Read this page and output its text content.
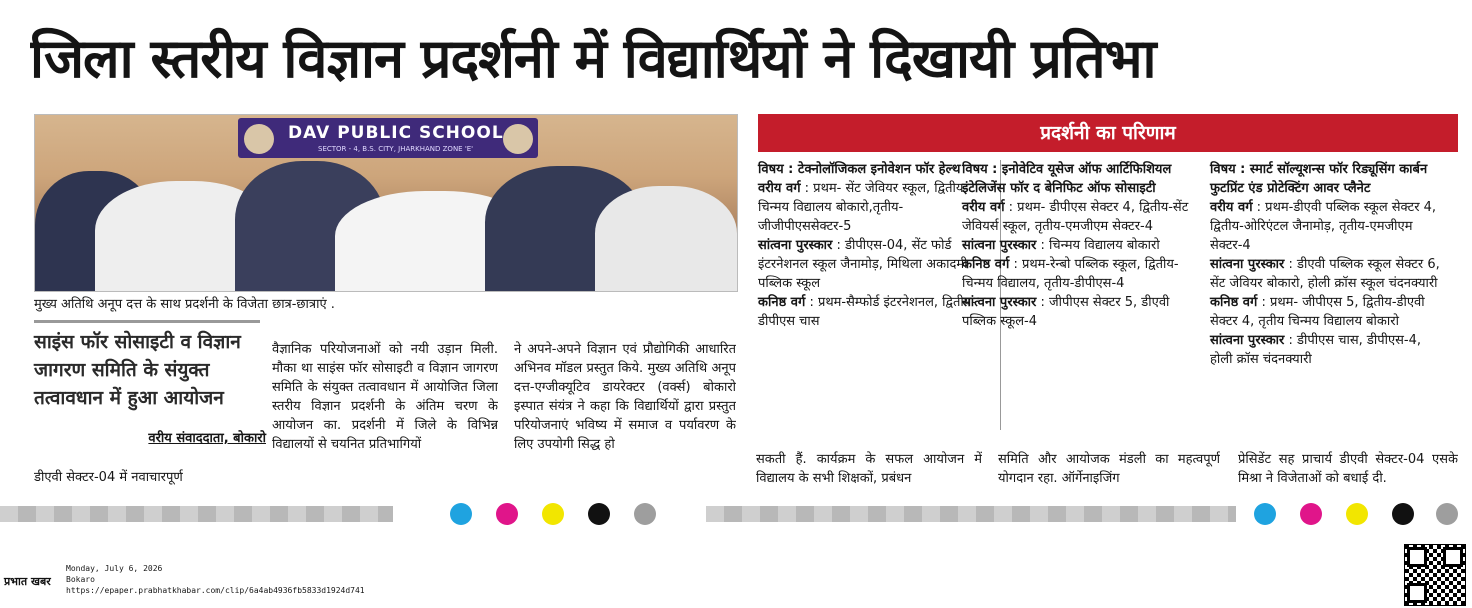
जिला स्तरीय विज्ञान प्रदर्शनी में विद्यार्थियों ने दिखायी प्रतिभा
DAV PUBLIC SCHOOL
SECTOR - 4, B.S. CITY, JHARKHAND ZONE 'E'
मुख्य अतिथि अनूप दत्त के साथ प्रदर्शनी के विजेता छात्र-छात्राएं .
प्रदर्शनी का परिणाम

विषय : टेक्नोलॉजिकल इनोवेशन फॉर हेल्थ

वरीय वर्ग : प्रथम- सेंट जेवियर स्कूल, द्वितीय-चिन्मय विद्यालय बोकारो,तृतीय-जीजीपीएससेक्टर-5

सांत्वना पुरस्कार : डीपीएस-04, सेंट फोर्ड इंटरनेशनल स्कूल जैनामोड़, मिथिला अकादमी पब्लिक स्कूल

कनिष्ठ वर्ग : प्रथम-सैम्फोर्ड इंटरनेशनल, द्वितीय-डीपीएस चास

विषय : इनोवेटिव यूसेज ऑफ आर्टिफिशियल इंटेलिजेंस फॉर द बेनिफिट ऑफ सोसाइटी

वरीय वर्ग : प्रथम- डीपीएस सेक्टर 4, द्वितीय-सेंट जेवियर्स स्कूल, तृतीय-एमजीएम सेक्टर-4

सांत्वना पुरस्कार : चिन्मय विद्यालय बोकारो

कनिष्ठ वर्ग : प्रथम-रेन्बो पब्लिक स्कूल, द्वितीय-चिन्मय विद्यालय, तृतीय-डीपीएस-4

सांत्वना पुरस्कार : जीपीएस सेक्टर 5, डीएवी पब्लिक स्कूल-4

विषय : स्मार्ट सॉल्यूशन्स फॉर रिड्यूसिंग कार्बन फुटप्रिंट एंड प्रोटेक्टिंग आवर प्लैनेट

वरीय वर्ग : प्रथम-डीएवी पब्लिक स्कूल सेक्टर 4, द्वितीय-ओरिएंटल जैनामोड़, तृतीय-एमजीएम सेक्टर-4

सांत्वना पुरस्कार : डीएवी पब्लिक स्कूल सेक्टर 6, सेंट जेवियर बोकारो, होली क्रॉस स्कूल चंदनक्यारी

कनिष्ठ वर्ग : प्रथम- जीपीएस 5, द्वितीय-डीएवी सेक्टर 4, तृतीय चिन्मय विद्यालय बोकारो

सांत्वना पुरस्कार : डीपीएस चास, डीपीएस-4, होली क्रॉस चंदनक्यारी

साइंस फॉर सोसाइटी व विज्ञान जागरण समिति के संयुक्त तत्वावधान में हुआ आयोजन
वरीय संवाददाता, बोकारो
डीएवी सेक्टर-04 में नवाचारपूर्ण
वैज्ञानिक परियोजनाओं को नयी उड़ान मिली. मौका था साइंस फॉर सोसाइटी व विज्ञान जागरण समिति के संयुक्त तत्वावधान में आयोजित जिला स्तरीय विज्ञान प्रदर्शनी के अंतिम चरण के आयोजन का. प्रदर्शनी में जिले के विभिन्न विद्यालयों से चयनित प्रतिभागियों
ने अपने-अपने विज्ञान एवं प्रौद्योगिकी आधारित अभिनव मॉडल प्रस्तुत किये. मुख्य अतिथि अनूप दत्त-एग्जीक्यूटिव डायरेक्टर (वर्क्स) बोकारो इस्पात संयंत्र ने कहा कि विद्यार्थियों द्वारा प्रस्तुत परियोजनाएं भविष्य में समाज व पर्यावरण के लिए उपयोगी सिद्ध हो
सकती हैं. कार्यक्रम के सफल आयोजन में विद्यालय के सभी शिक्षकों, प्रबंधन
समिति और आयोजक मंडली का महत्वपूर्ण योगदान रहा. ऑर्गेनाइजिंग
प्रेसिडेंट सह प्राचार्य डीएवी सेक्टर-04 एसके मिश्रा ने विजेताओं को बधाई दी.
प्रभात खबर
Monday, July 6, 2026
Bokaro
https://epaper.prabhatkhabar.com/clip/6a4ab4936fb5833d1924d741
